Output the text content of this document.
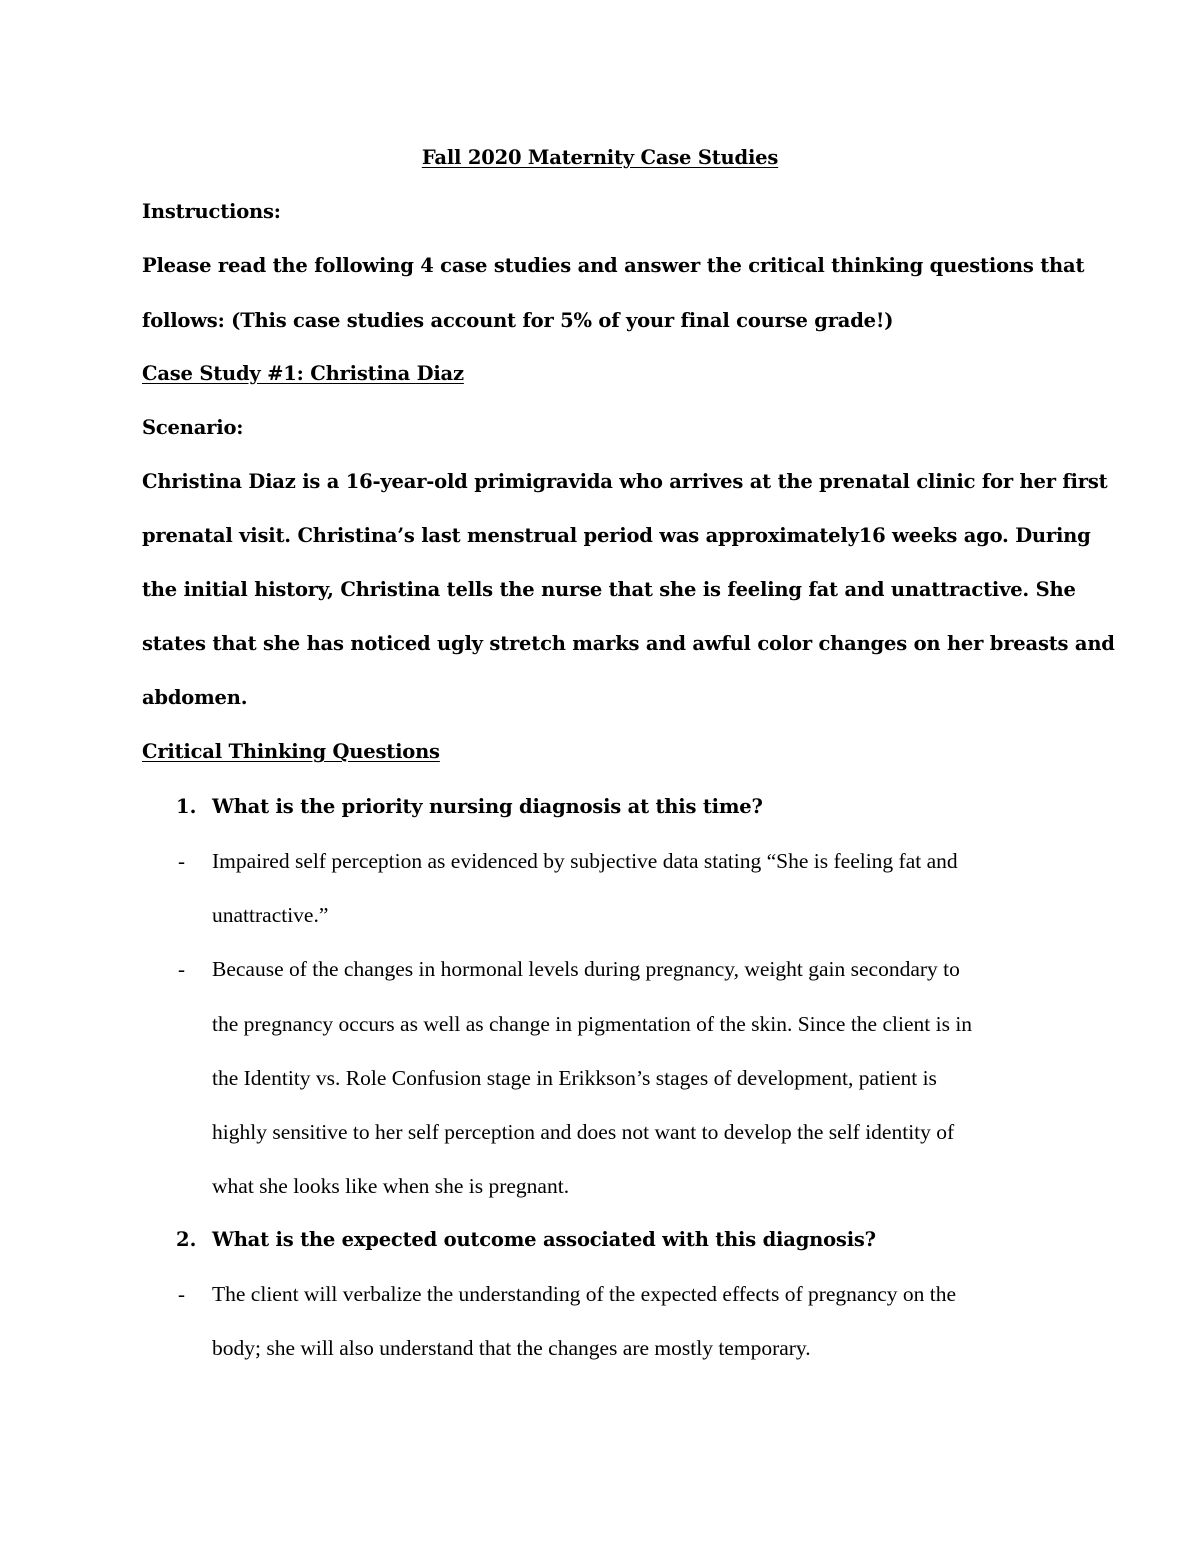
Fall 2020 Maternity Case Studies
Instructions:
Please read the following 4 case studies and answer the critical thinking questions that
follows: (This case studies account for 5% of your final course grade!)
Case Study #1: Christina Diaz
Scenario:
Christina Diaz is a 16-year-old primigravida who arrives at the prenatal clinic for her first
prenatal visit. Christina’s last menstrual period was approximately16 weeks ago. During
the initial history, Christina tells the nurse that she is feeling fat and unattractive. She
states that she has noticed ugly stretch marks and awful color changes on her breasts and
abdomen.
Critical Thinking Questions
1. What is the priority nursing diagnosis at this time?
- Impaired self perception as evidenced by subjective data stating “She is feeling fat and
unattractive.”
- Because of the changes in hormonal levels during pregnancy, weight gain secondary to
the pregnancy occurs as well as change in pigmentation of the skin. Since the client is in
the Identity vs. Role Confusion stage in Erikkson’s stages of development, patient is
highly sensitive to her self perception and does not want to develop the self identity of
what she looks like when she is pregnant.
2. What is the expected outcome associated with this diagnosis?
- The client will verbalize the understanding of the expected effects of pregnancy on the
body; she will also understand that the changes are mostly temporary.
